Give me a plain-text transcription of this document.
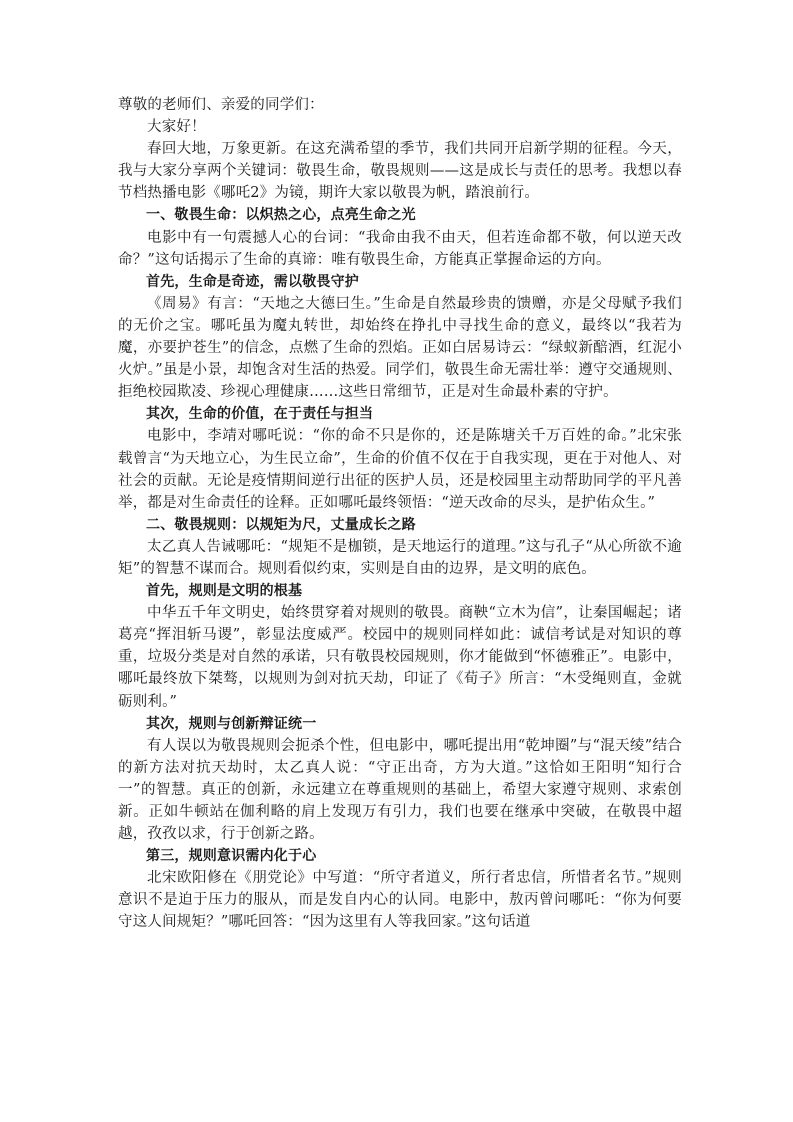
尊敬的老师们、亲爱的同学们：

大家好！

春回大地，万象更新。在这充满希望的季节，我们共同开启新学期的征程。今天，我与大家分享两个关键词：敬畏生命，敬畏规则——这是成长与责任的思考。我想以春节档热播电影《哪吒2》为镜，期许大家以敬畏为帆，踏浪前行。

一、敬畏生命：以炽热之心，点亮生命之光

电影中有一句震撼人心的台词：“我命由我不由天，但若连命都不敬，何以逆天改命？”这句话揭示了生命的真谛：唯有敬畏生命，方能真正掌握命运的方向。

首先，生命是奇迹，需以敬畏守护

《周易》有言：“天地之大德曰生。”生命是自然最珍贵的馈赠，亦是父母赋予我们的无价之宝。哪吒虽为魔丸转世，却始终在挣扎中寻找生命的意义，最终以“我若为魔，亦要护苍生”的信念，点燃了生命的烈焰。正如白居易诗云：“绿蚁新醅酒，红泥小火炉。”虽是小景，却饱含对生活的热爱。同学们，敬畏生命无需壮举：遵守交通规则、拒绝校园欺凌、珍视心理健康……这些日常细节，正是对生命最朴素的守护。

其次，生命的价值，在于责任与担当

电影中，李靖对哪吒说：“你的命不只是你的，还是陈塘关千万百姓的命。”北宋张载曾言“为天地立心，为生民立命”，生命的价值不仅在于自我实现，更在于对他人、对社会的贡献。无论是疫情期间逆行出征的医护人员，还是校园里主动帮助同学的平凡善举，都是对生命责任的诠释。正如哪吒最终领悟：“逆天改命的尽头，是护佑众生。”

二、敬畏规则：以规矩为尺，丈量成长之路

太乙真人告诫哪吒：“规矩不是枷锁，是天地运行的道理。”这与孔子“从心所欲不逾矩”的智慧不谋而合。规则看似约束，实则是自由的边界，是文明的底色。

首先，规则是文明的根基

中华五千年文明史，始终贯穿着对规则的敬畏。商鞅“立木为信”，让秦国崛起；诸葛亮“挥泪斩马谡”，彰显法度威严。校园中的规则同样如此：诚信考试是对知识的尊重，垃圾分类是对自然的承诺，只有敬畏校园规则，你才能做到“怀德雅正”。电影中，哪吒最终放下桀骜，以规则为剑对抗天劫，印证了《荀子》所言：“木受绳则直，金就砺则利。”

其次，规则与创新辩证统一

有人误以为敬畏规则会扼杀个性，但电影中，哪吒提出用“乾坤圈”与“混天绫”结合的新方法对抗天劫时，太乙真人说：“守正出奇，方为大道。”这恰如王阳明“知行合一”的智慧。真正的创新，永远建立在尊重规则的基础上，希望大家遵守规则、求索创新。正如牛顿站在伽利略的肩上发现万有引力，我们也要在继承中突破，在敬畏中超越，孜孜以求，行于创新之路。

第三，规则意识需内化于心

北宋欧阳修在《朋党论》中写道：“所守者道义，所行者忠信，所惜者名节。”规则意识不是迫于压力的服从，而是发自内心的认同。电影中，敖丙曾问哪吒：“你为何要守这人间规矩？”哪吒回答：“因为这里有人等我回家。”这句话道
